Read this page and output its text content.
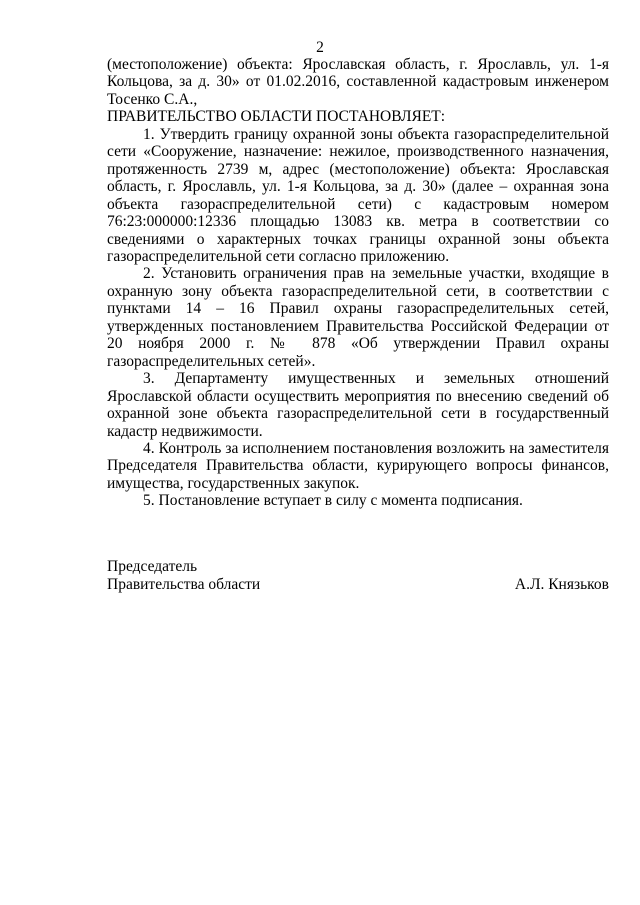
2

(местоположение) объекта: Ярославская область, г. Ярославль, ул. 1-я Кольцова, за д. 30» от 01.02.2016, составленной кадастровым инженером Тосенко С.А.,

ПРАВИТЕЛЬСТВО ОБЛАСТИ ПОСТАНОВЛЯЕТ:

1. Утвердить границу охранной зоны объекта газораспределительной сети «Сооружение, назначение: нежилое, производственного назначения, протяженность 2739 м, адрес (местоположение) объекта: Ярославская область, г. Ярославль, ул. 1-я Кольцова, за д. 30» (далее – охранная зона объекта газораспределительной сети) с кадастровым номером 76:23:000000:12336 площадью 13083 кв. метра в соответствии со сведениями о характерных точках границы охранной зоны объекта газораспределительной сети согласно приложению.

2. Установить ограничения прав на земельные участки, входящие в охранную зону объекта газораспределительной сети, в соответствии с пунктами 14 – 16 Правил охраны газораспределительных сетей, утвержденных постановлением Правительства Российской Федерации от 20 ноября 2000 г. № 878 «Об утверждении Правил охраны газораспределительных сетей».

3. Департаменту имущественных и земельных отношений Ярославской области осуществить мероприятия по внесению сведений об охранной зоне объекта газораспределительной сети в государственный кадастр недвижимости.

4. Контроль за исполнением постановления возложить на заместителя Председателя Правительства области, курирующего вопросы финансов, имущества, государственных закупок.

5. Постановление вступает в силу с момента подписания.

Председатель
Правительства области	А.Л. Князьков
